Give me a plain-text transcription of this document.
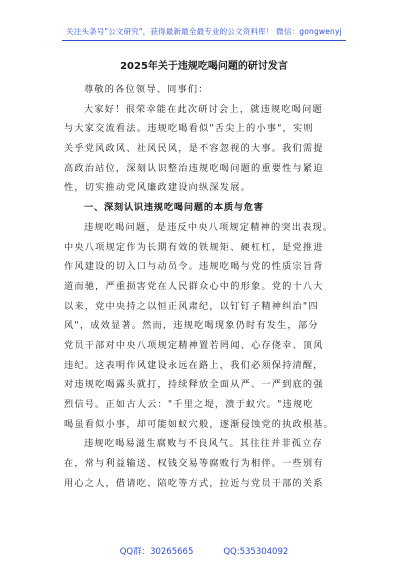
关注头条号"公文研究"，获得最新最全最专业的公文资料库！ 微信：gongwenyj
2025年关于违规吃喝问题的研讨发言
尊敬的各位领导、同事们：
大家好！很荣幸能在此次研讨会上，就违规吃喝问题
与大家交流看法。违规吃喝看似"舌尖上的小事"，实则
关乎党风政风、社风民风，是不容忽视的大事。我们需提
高政治站位，深刻认识整治违规吃喝问题的重要性与紧迫
性，切实推动党风廉政建设向纵深发展。
一、深刻认识违规吃喝问题的本质与危害
违规吃喝问题，是违反中央八项规定精神的突出表现。
中央八项规定作为长期有效的铁规矩、硬杠杠，是党推进
作风建设的切入口与动员令。违规吃喝与党的性质宗旨背
道而驰，严重损害党在人民群众心中的形象。党的十八大
以来，党中央持之以恒正风肃纪，以钉钉子精神纠治"四
风"，成效显著。然而，违规吃喝现象仍时有发生，部分
党员干部对中央八项规定精神置若罔闻、心存侥幸、顶风
违纪。这表明作风建设永远在路上，我们必须保持清醒，
对违规吃喝露头就打，持续释放全面从严、一严到底的强
烈信号。正如古人云："千里之堤，溃于蚁穴。"违规吃
喝虽看似小事，却可能如蚁穴般，逐渐侵蚀党的执政根基。
违规吃喝易滋生腐败与不良风气。其往往并非孤立存
在，常与利益输送、权钱交易等腐败行为相伴。一些别有
用心之人，借请吃、陪吃等方式，拉近与党员干部的关系
QQ群：30265665	QQ:535304092
